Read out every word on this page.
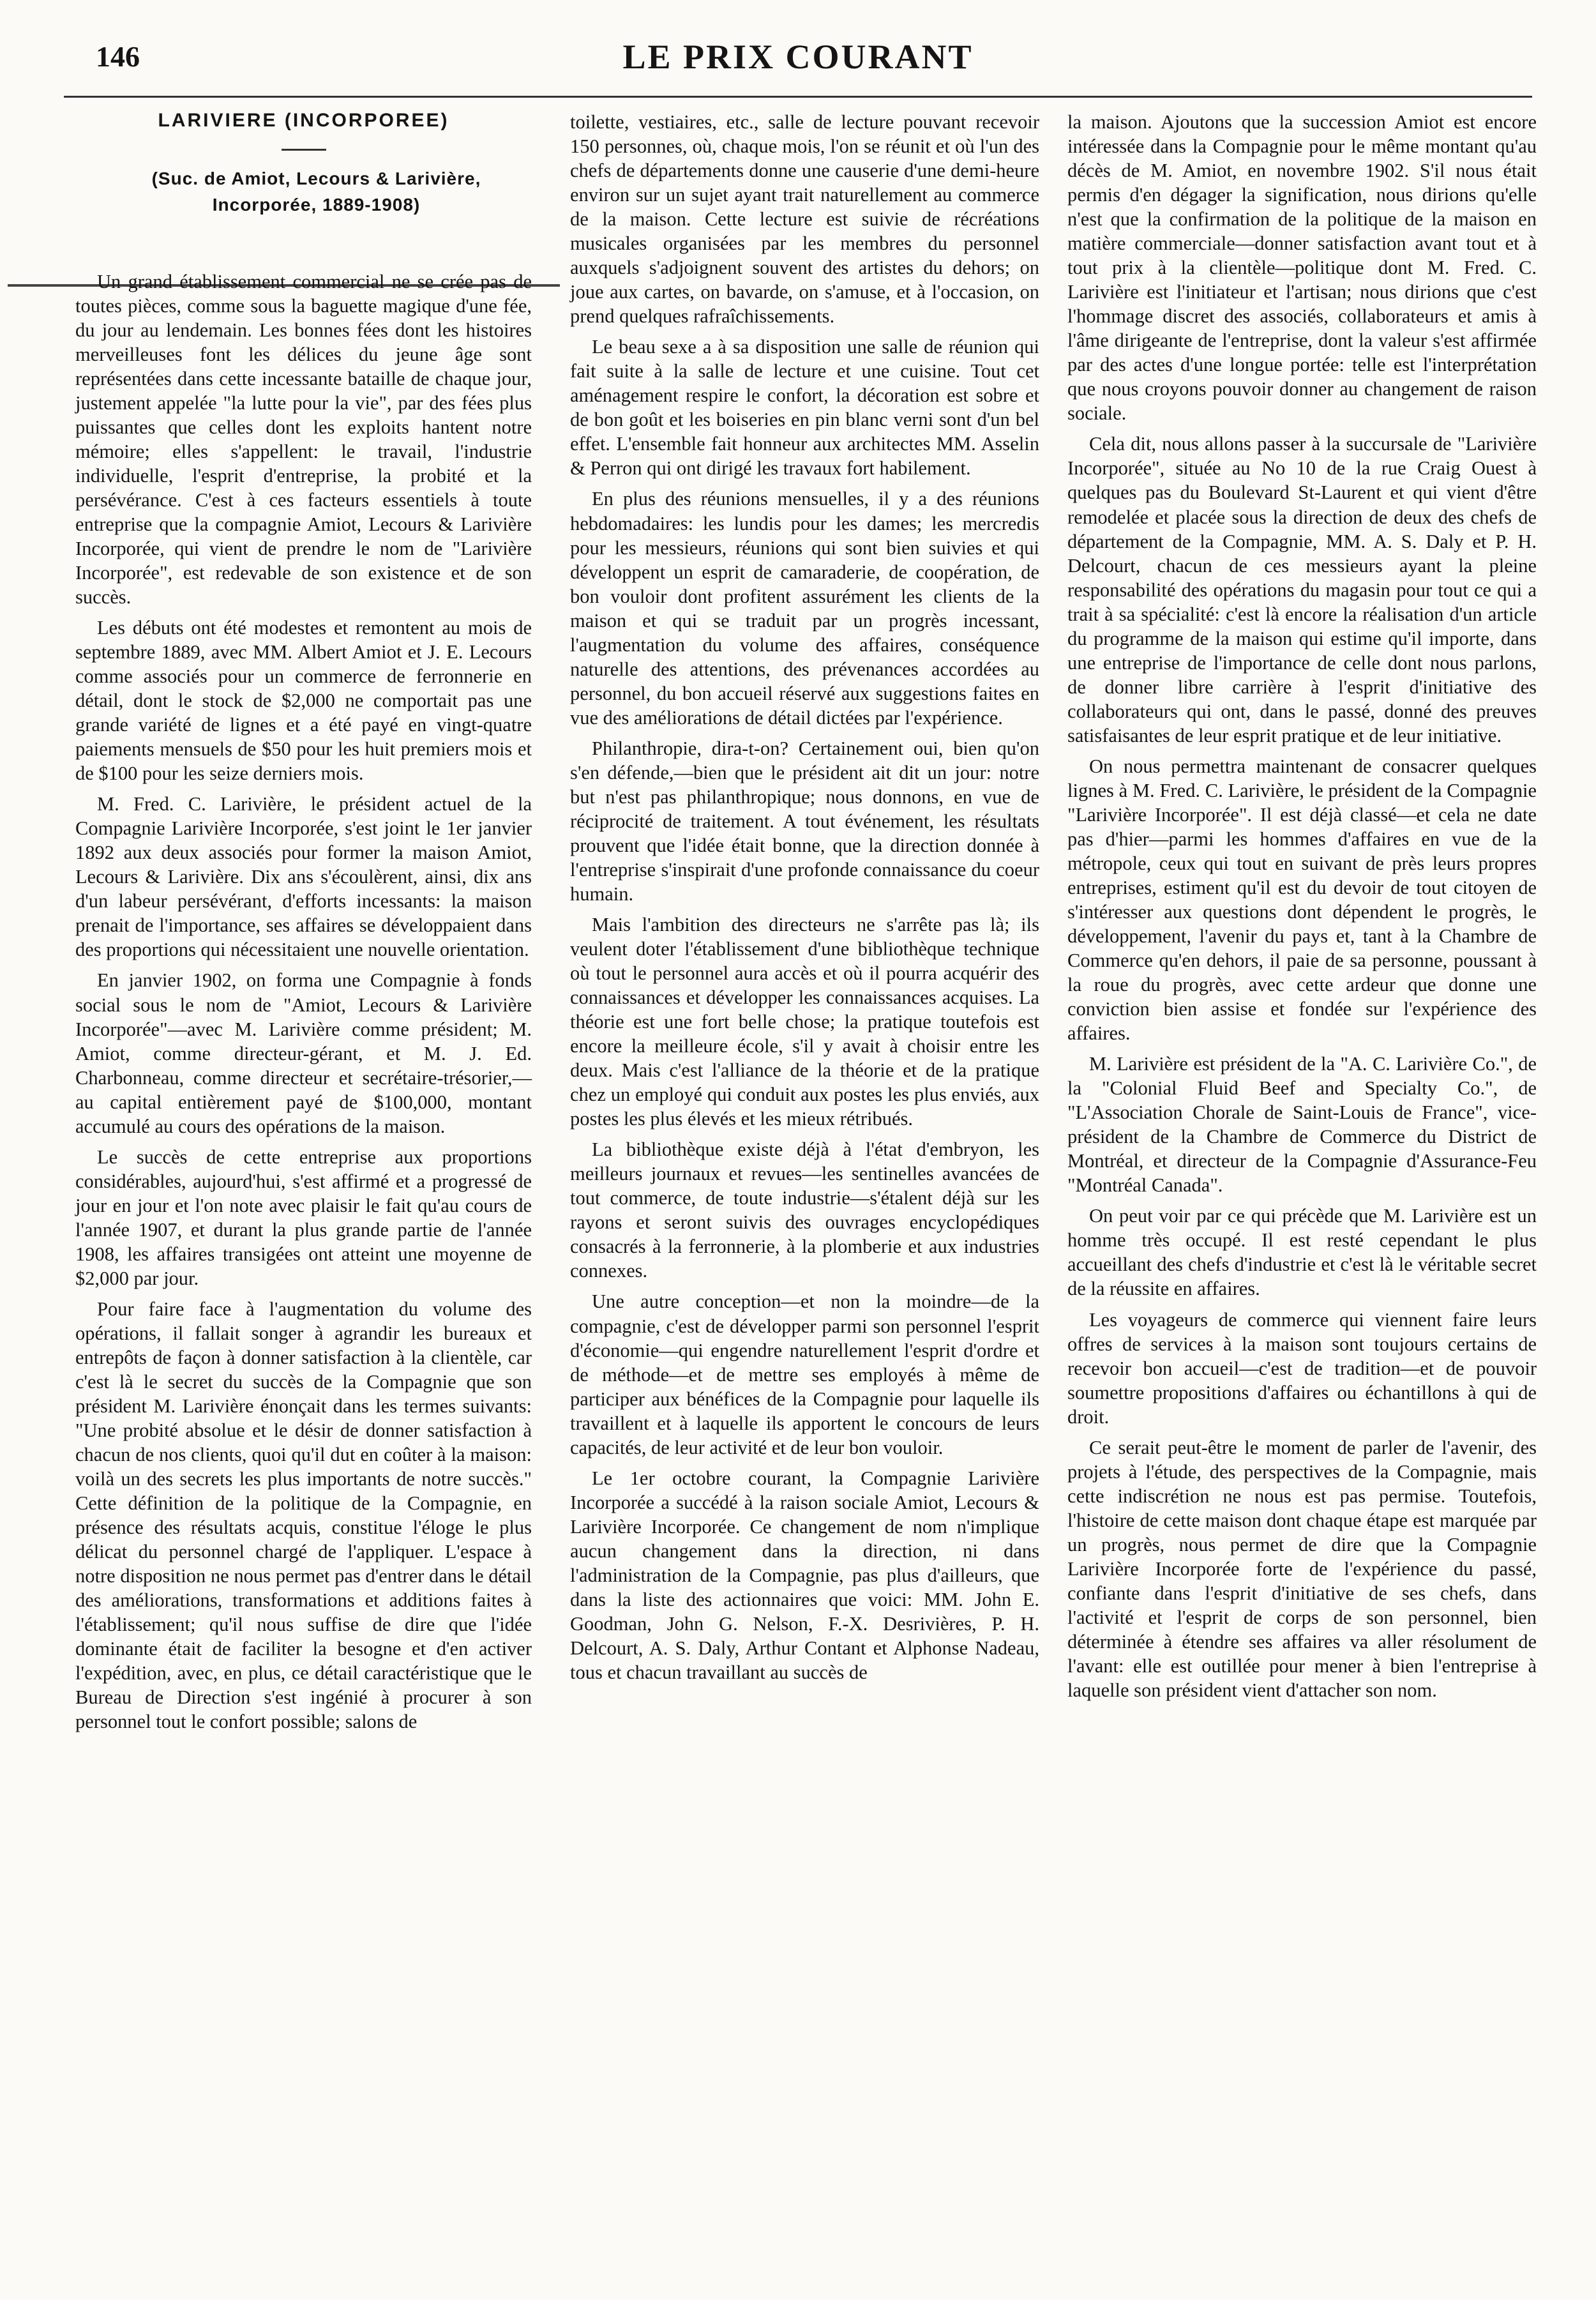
146	LE PRIX COURANT
LARIVIERE (INCORPOREE)
(Suc. de Amiot, Lecours & Larivière, Incorporée, 1889-1908)

Un grand établissement commercial ne se crée pas de toutes pièces, comme sous la baguette magique d'une fée, du jour au lendemain. Les bonnes fées dont les histoires merveilleuses font les délices du jeune âge sont représentées dans cette incessante bataille de chaque jour, justement appelée "la lutte pour la vie", par des fées plus puissantes que celles dont les exploits hantent notre mémoire; elles s'appellent: le travail, l'industrie individuelle, l'esprit d'entreprise, la probité et la persévérance. C'est à ces facteurs essentiels à toute entreprise que la compagnie Amiot, Lecours & Larivière Incorporée, qui vient de prendre le nom de "Larivière Incorporée", est redevable de son existence et de son succès.

Les débuts ont été modestes et remontent au mois de septembre 1889, avec MM. Albert Amiot et J. E. Lecours comme associés pour un commerce de ferronnerie en détail, dont le stock de $2,000 ne comportait pas une grande variété de lignes et a été payé en vingt-quatre paiements mensuels de $50 pour les huit premiers mois et de $100 pour les seize derniers mois.

M. Fred. C. Larivière, le président actuel de la Compagnie Larivière Incorporée, s'est joint le 1er janvier 1892 aux deux associés pour former la maison Amiot, Lecours & Larivière. Dix ans s'écoulèrent, ainsi, dix ans d'un labeur persévérant, d'efforts incessants: la maison prenait de l'importance, ses affaires se développaient dans des proportions qui nécessitaient une nouvelle orientation.

En janvier 1902, on forma une Compagnie à fonds social sous le nom de "Amiot, Lecours & Larivière Incorporée"—avec M. Larivière comme président; M. Amiot, comme directeur-gérant, et M. J. Ed. Charbonneau, comme directeur et secrétaire-trésorier,—au capital entièrement payé de $100,000, montant accumulé au cours des opérations de la maison.

Le succès de cette entreprise aux proportions considérables, aujourd'hui, s'est affirmé et a progressé de jour en jour et l'on note avec plaisir le fait qu'au cours de l'année 1907, et durant la plus grande partie de l'année 1908, les affaires transigées ont atteint une moyenne de $2,000 par jour.

Pour faire face à l'augmentation du volume des opérations, il fallait songer à agrandir les bureaux et entrepôts de façon à donner satisfaction à la clientèle, car c'est là le secret du succès de la Compagnie que son président M. Larivière énonçait dans les termes suivants: "Une probité absolue et le désir de donner satisfaction à chacun de nos clients, quoi qu'il dut en coûter à la maison: voilà un des secrets les plus importants de notre succès." Cette définition de la politique de la Compagnie, en présence des résultats acquis, constitue l'éloge le plus délicat du personnel chargé de l'appliquer. L'espace à notre disposition ne nous permet pas d'entrer dans le détail des améliorations, transformations et additions faites à l'établissement; qu'il nous suffise de dire que l'idée dominante était de faciliter la besogne et d'en activer l'expédition, avec, en plus, ce détail caractéristique que le Bureau de Direction s'est ingénié à procurer à son personnel tout le confort possible; salons de

toilette, vestiaires, etc., salle de lecture pouvant recevoir 150 personnes, où, chaque mois, l'on se réunit et où l'un des chefs de départements donne une causerie d'une demi-heure environ sur un sujet ayant trait naturellement au commerce de la maison. Cette lecture est suivie de récréations musicales organisées par les membres du personnel auxquels s'adjoignent souvent des artistes du dehors; on joue aux cartes, on bavarde, on s'amuse, et à l'occasion, on prend quelques rafraîchissements.

Le beau sexe a à sa disposition une salle de réunion qui fait suite à la salle de lecture et une cuisine. Tout cet aménagement respire le confort, la décoration est sobre et de bon goût et les boiseries en pin blanc verni sont d'un bel effet. L'ensemble fait honneur aux architectes MM. Asselin & Perron qui ont dirigé les travaux fort habilement.

En plus des réunions mensuelles, il y a des réunions hebdomadaires: les lundis pour les dames; les mercredis pour les messieurs, réunions qui sont bien suivies et qui développent un esprit de camaraderie, de coopération, de bon vouloir dont profitent assurément les clients de la maison et qui se traduit par un progrès incessant, l'augmentation du volume des affaires, conséquence naturelle des attentions, des prévenances accordées au personnel, du bon accueil réservé aux suggestions faites en vue des améliorations de détail dictées par l'expérience.

Philanthropie, dira-t-on? Certainement oui, bien qu'on s'en défende,—bien que le président ait dit un jour: notre but n'est pas philanthropique; nous donnons, en vue de réciprocité de traitement. A tout événement, les résultats prouvent que l'idée était bonne, que la direction donnée à l'entreprise s'inspirait d'une profonde connaissance du coeur humain.

Mais l'ambition des directeurs ne s'arrête pas là; ils veulent doter l'établissement d'une bibliothèque technique où tout le personnel aura accès et où il pourra acquérir des connaissances et développer les connaissances acquises. La théorie est une fort belle chose; la pratique toutefois est encore la meilleure école, s'il y avait à choisir entre les deux. Mais c'est l'alliance de la théorie et de la pratique chez un employé qui conduit aux postes les plus enviés, aux postes les plus élevés et les mieux rétribués.

La bibliothèque existe déjà à l'état d'embryon, les meilleurs journaux et revues—les sentinelles avancées de tout commerce, de toute industrie—s'étalent déjà sur les rayons et seront suivis des ouvrages encyclopédiques consacrés à la ferronnerie, à la plomberie et aux industries connexes.

Une autre conception—et non la moindre—de la compagnie, c'est de développer parmi son personnel l'esprit d'économie—qui engendre naturellement l'esprit d'ordre et de méthode—et de mettre ses employés à même de participer aux bénéfices de la Compagnie pour laquelle ils travaillent et à laquelle ils apportent le concours de leurs capacités, de leur activité et de leur bon vouloir.

Le 1er octobre courant, la Compagnie Larivière Incorporée a succédé à la raison sociale Amiot, Lecours & Larivière Incorporée. Ce changement de nom n'implique aucun changement dans la direction, ni dans l'administration de la Compagnie, pas plus d'ailleurs, que dans la liste des actionnaires que voici: MM. John E. Goodman, John G. Nelson, F.-X. Desrivières, P. H. Delcourt, A. S. Daly, Arthur Contant et Alphonse Nadeau, tous et chacun travaillant au succès de

la maison. Ajoutons que la succession Amiot est encore intéressée dans la Compagnie pour le même montant qu'au décès de M. Amiot, en novembre 1902. S'il nous était permis d'en dégager la signification, nous dirions qu'elle n'est que la confirmation de la politique de la maison en matière commerciale—donner satisfaction avant tout et à tout prix à la clientèle—politique dont M. Fred. C. Larivière est l'initiateur et l'artisan; nous dirions que c'est l'hommage discret des associés, collaborateurs et amis à l'âme dirigeante de l'entreprise, dont la valeur s'est affirmée par des actes d'une longue portée: telle est l'interprétation que nous croyons pouvoir donner au changement de raison sociale.

Cela dit, nous allons passer à la succursale de "Larivière Incorporée", située au No 10 de la rue Craig Ouest à quelques pas du Boulevard St-Laurent et qui vient d'être remodelée et placée sous la direction de deux des chefs de département de la Compagnie, MM. A. S. Daly et P. H. Delcourt, chacun de ces messieurs ayant la pleine responsabilité des opérations du magasin pour tout ce qui a trait à sa spécialité: c'est là encore la réalisation d'un article du programme de la maison qui estime qu'il importe, dans une entreprise de l'importance de celle dont nous parlons, de donner libre carrière à l'esprit d'initiative des collaborateurs qui ont, dans le passé, donné des preuves satisfaisantes de leur esprit pratique et de leur initiative.

On nous permettra maintenant de consacrer quelques lignes à M. Fred. C. Larivière, le président de la Compagnie "Larivière Incorporée". Il est déjà classé—et cela ne date pas d'hier—parmi les hommes d'affaires en vue de la métropole, ceux qui tout en suivant de près leurs propres entreprises, estiment qu'il est du devoir de tout citoyen de s'intéresser aux questions dont dépendent le progrès, le développement, l'avenir du pays et, tant à la Chambre de Commerce qu'en dehors, il paie de sa personne, poussant à la roue du progrès, avec cette ardeur que donne une conviction bien assise et fondée sur l'expérience des affaires.

M. Larivière est président de la "A. C. Larivière Co.", de la "Colonial Fluid Beef and Specialty Co.", de "L'Association Chorale de Saint-Louis de France", vice-président de la Chambre de Commerce du District de Montréal, et directeur de la Compagnie d'Assurance-Feu "Montréal Canada".

On peut voir par ce qui précède que M. Larivière est un homme très occupé. Il est resté cependant le plus accueillant des chefs d'industrie et c'est là le véritable secret de la réussite en affaires.

Les voyageurs de commerce qui viennent faire leurs offres de services à la maison sont toujours certains de recevoir bon accueil—c'est de tradition—et de pouvoir soumettre propositions d'affaires ou échantillons à qui de droit.

Ce serait peut-être le moment de parler de l'avenir, des projets à l'étude, des perspectives de la Compagnie, mais cette indiscrétion ne nous est pas permise. Toutefois, l'histoire de cette maison dont chaque étape est marquée par un progrès, nous permet de dire que la Compagnie Larivière Incorporée forte de l'expérience du passé, confiante dans l'esprit d'initiative de ses chefs, dans l'activité et l'esprit de corps de son personnel, bien déterminée à étendre ses affaires va aller résolument de l'avant: elle est outillée pour mener à bien l'entreprise à laquelle son président vient d'attacher son nom.
